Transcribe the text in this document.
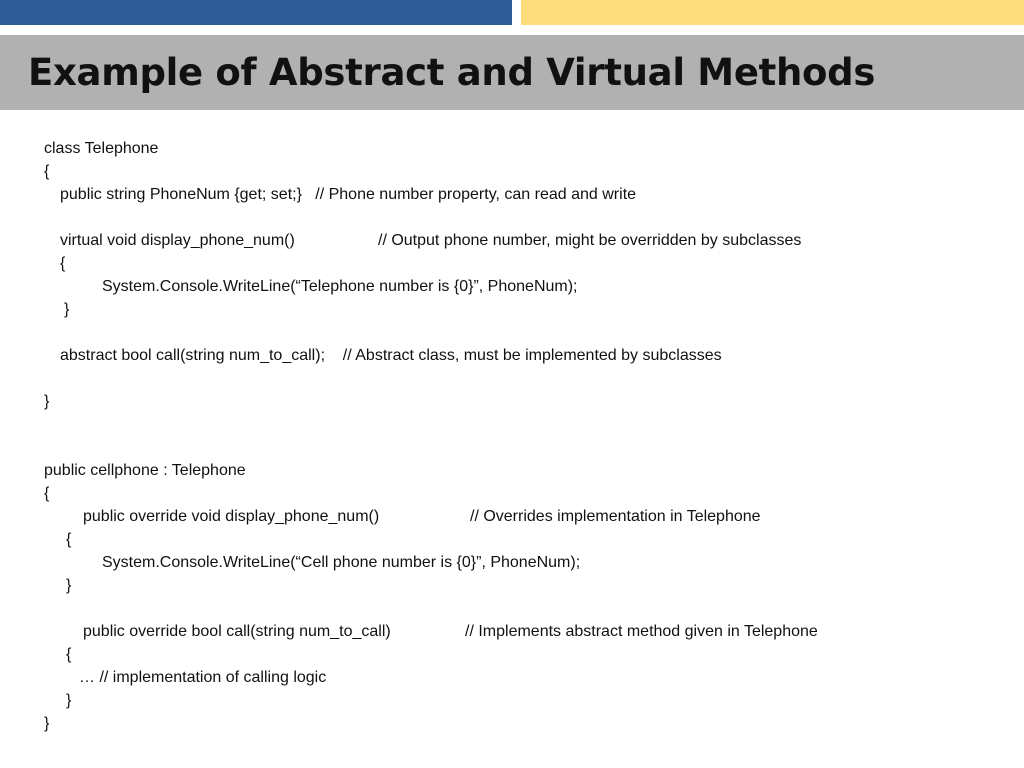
Example of Abstract and Virtual Methods
class Telephone
{
public string PhoneNum {get; set;}   // Phone number property, can read and write
virtual void display_phone_num()	// Output phone number, might be overridden by subclasses
{
System.Console.WriteLine(“Telephone number is {0}”, PhoneNum);
}
abstract bool call(string num_to_call);    // Abstract class, must be implemented by subclasses
}
public cellphone : Telephone
{
public override void display_phone_num()	// Overrides implementation in Telephone
{
System.Console.WriteLine(“Cell phone number is {0}”, PhoneNum);
}
public override bool call(string num_to_call)	// Implements abstract method given in Telephone
{
… // implementation of calling logic
}
}
